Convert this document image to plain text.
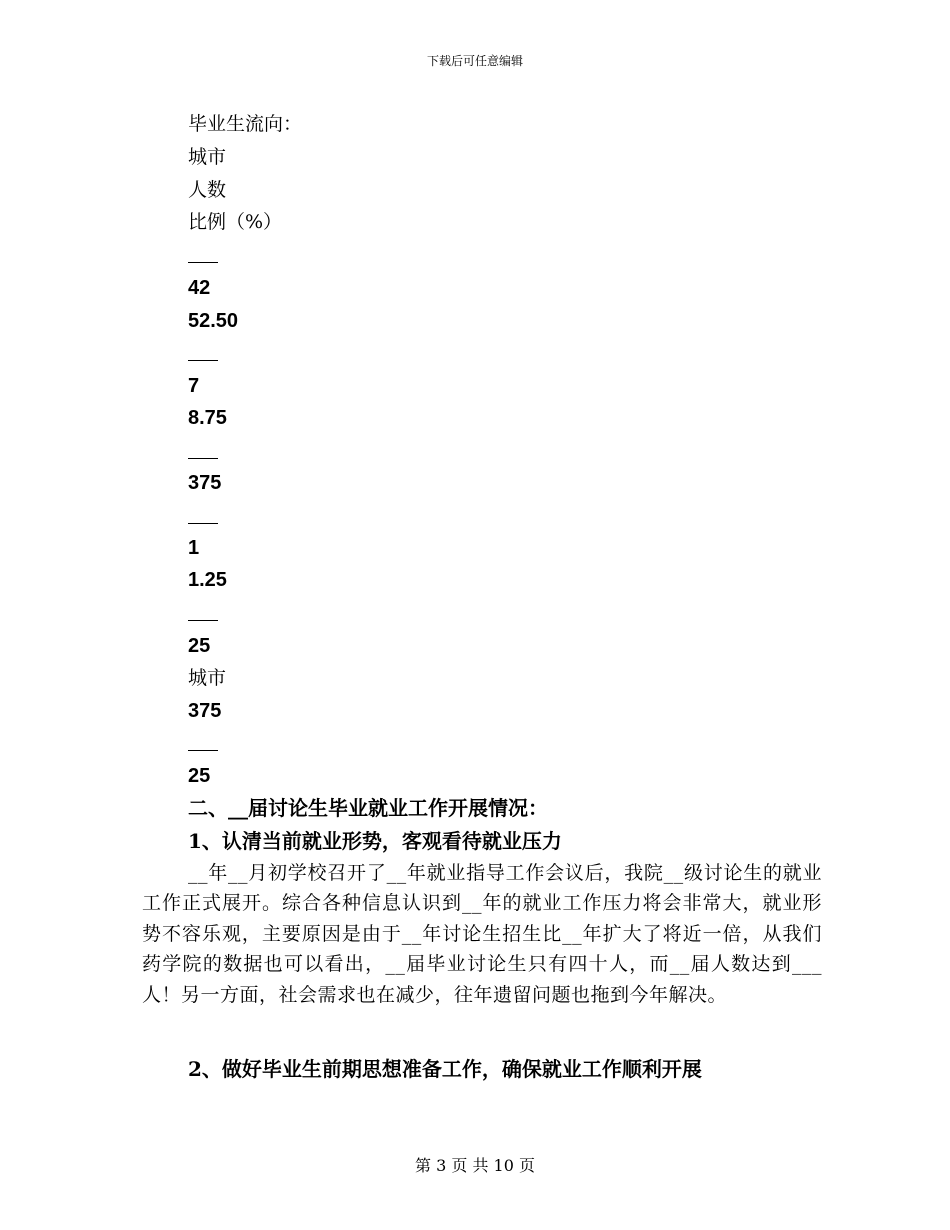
下载后可任意编辑
毕业生流向：
城市
人数
比例（%）
42
52.50
7
8.75
375
1
1.25
25
城市
375
25
二、__届讨论生毕业就业工作开展情况：
1、认清当前就业形势，客观看待就业压力
__年__月初学校召开了__年就业指导工作会议后，我院__级讨论生的就业工作正式展开。综合各种信息认识到__年的就业工作压力将会非常大，就业形势不容乐观，主要原因是由于__年讨论生招生比__年扩大了将近一倍，从我们药学院的数据也可以看出，__届毕业讨论生只有四十人，而__届人数达到___人！另一方面，社会需求也在减少，往年遗留问题也拖到今年解决。
2、做好毕业生前期思想准备工作，确保就业工作顺利开展
第 3 页 共 10 页
